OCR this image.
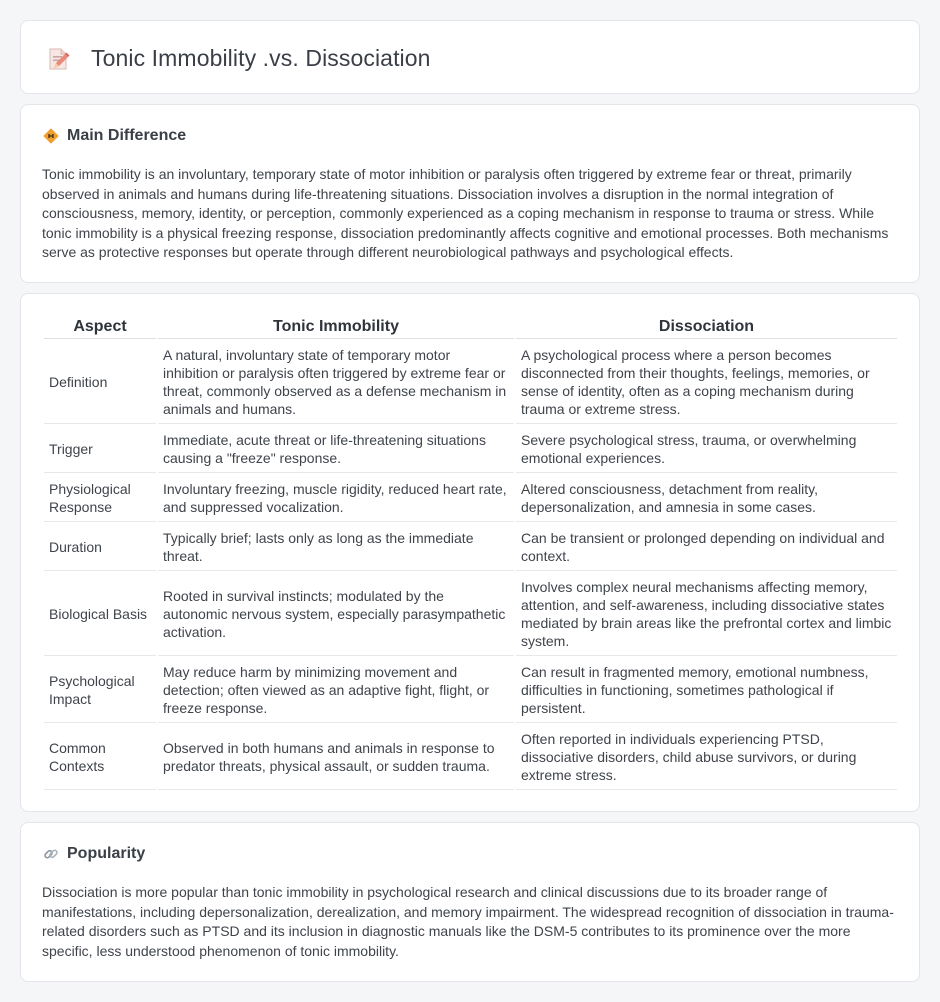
Tonic Immobility .vs. Dissociation
Main Difference

Tonic immobility is an involuntary, temporary state of motor inhibition or paralysis often triggered by extreme fear or threat, primarily observed in animals and humans during life-threatening situations. Dissociation involves a disruption in the normal integration of consciousness, memory, identity, or perception, commonly experienced as a coping mechanism in response to trauma or stress. While tonic immobility is a physical freezing response, dissociation predominantly affects cognitive and emotional processes. Both mechanisms serve as protective responses but operate through different neurobiological pathways and psychological effects.

Aspect	Tonic Immobility	Dissociation
Definition	A natural, involuntary state of temporary motor inhibition or paralysis often triggered by extreme fear or threat, commonly observed as a defense mechanism in animals and humans.	A psychological process where a person becomes disconnected from their thoughts, feelings, memories, or sense of identity, often as a coping mechanism during trauma or extreme stress.
Trigger	Immediate, acute threat or life-threatening situations causing a "freeze" response.	Severe psychological stress, trauma, or overwhelming emotional experiences.
Physiological Response	Involuntary freezing, muscle rigidity, reduced heart rate, and suppressed vocalization.	Altered consciousness, detachment from reality, depersonalization, and amnesia in some cases.
Duration	Typically brief; lasts only as long as the immediate threat.	Can be transient or prolonged depending on individual and context.
Biological Basis	Rooted in survival instincts; modulated by the autonomic nervous system, especially parasympathetic activation.	Involves complex neural mechanisms affecting memory, attention, and self-awareness, including dissociative states mediated by brain areas like the prefrontal cortex and limbic system.
Psychological Impact	May reduce harm by minimizing movement and detection; often viewed as an adaptive fight, flight, or freeze response.	Can result in fragmented memory, emotional numbness, difficulties in functioning, sometimes pathological if persistent.
Common Contexts	Observed in both humans and animals in response to predator threats, physical assault, or sudden trauma.	Often reported in individuals experiencing PTSD, dissociative disorders, child abuse survivors, or during extreme stress.
Popularity

Dissociation is more popular than tonic immobility in psychological research and clinical discussions due to its broader range of manifestations, including depersonalization, derealization, and memory impairment. The widespread recognition of dissociation in trauma-related disorders such as PTSD and its inclusion in diagnostic manuals like the DSM-5 contributes to its prominence over the more specific, less understood phenomenon of tonic immobility.
